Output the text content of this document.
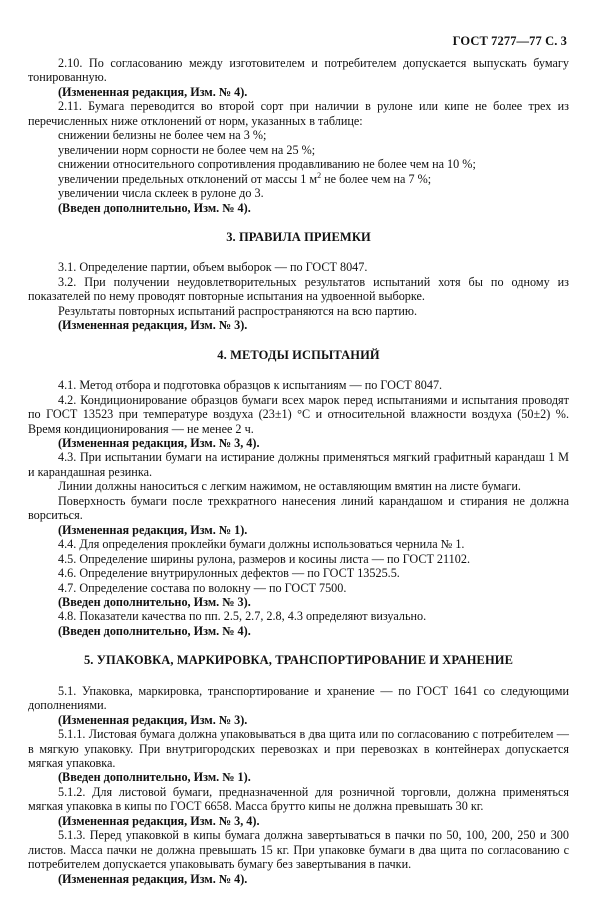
ГОСТ 7277—77 С. 3

2.10. По согласованию между изготовителем и потребителем допускается выпускать бумагу тонированную.

(Измененная редакция, Изм. № 4).

2.11. Бумага переводится во второй сорт при наличии в рулоне или кипе не более трех из перечисленных ниже отклонений от норм, указанных в таблице:

снижении белизны не более чем на 3 %;

увеличении норм сорности не более чем на 25 %;

снижении относительного сопротивления продавливанию не более чем на 10 %;

увеличении предельных отклонений от массы 1 $м^2$ не более чем на 7 %;

увеличении числа склеек в рулоне до 3.

(Введен дополнительно, Изм. № 4).

3. ПРАВИЛА ПРИЕМКИ

3.1. Определение партии, объем выборок — по ГОСТ 8047.

3.2. При получении неудовлетворительных результатов испытаний хотя бы по одному из показателей по нему проводят повторные испытания на удвоенной выборке.

Результаты повторных испытаний распространяются на всю партию.

(Измененная редакция, Изм. № 3).

4. МЕТОДЫ ИСПЫТАНИЙ

4.1. Метод отбора и подготовка образцов к испытаниям — по ГОСТ 8047.

4.2. Кондиционирование образцов бумаги всех марок перед испытаниями и испытания проводят по ГОСТ 13523 при температуре воздуха (23±1) °С и относительной влажности воздуха (50±2) %. Время кондиционирования — не менее 2 ч.

(Измененная редакция, Изм. № 3, 4).

4.3. При испытании бумаги на истирание должны применяться мягкий графитный карандаш 1 М и карандашная резинка.

Линии должны наноситься с легким нажимом, не оставляющим вмятин на листе бумаги.

Поверхность бумаги после трехкратного нанесения линий карандашом и стирания не должна ворситься.

(Измененная редакция, Изм. № 1).

4.4. Для определения проклейки бумаги должны использоваться чернила № 1.

4.5. Определение ширины рулона, размеров и косины листа — по ГОСТ 21102.

4.6. Определение внутрирулонных дефектов — по ГОСТ 13525.5.

4.7. Определение состава по волокну — по ГОСТ 7500.

(Введен дополнительно, Изм. № 3).

4.8. Показатели качества по пп. 2.5, 2.7, 2.8, 4.3 определяют визуально.

(Введен дополнительно, Изм. № 4).

5. УПАКОВКА, МАРКИРОВКА, ТРАНСПОРТИРОВАНИЕ И ХРАНЕНИЕ

5.1. Упаковка, маркировка, транспортирование и хранение — по ГОСТ 1641 со следующими дополнениями.

(Измененная редакция, Изм. № 3).

5.1.1. Листовая бумага должна упаковываться в два щита или по согласованию с потребителем — в мягкую упаковку. При внутригородских перевозках и при перевозках в контейнерах допускается мягкая упаковка.

(Введен дополнительно, Изм. № 1).

5.1.2. Для листовой бумаги, предназначенной для розничной торговли, должна применяться мягкая упаковка в кипы по ГОСТ 6658. Масса брутто кипы не должна превышать 30 кг.

(Измененная редакция, Изм. № 3, 4).

5.1.3. Перед упаковкой в кипы бумага должна завертываться в пачки по 50, 100, 200, 250 и 300 листов. Масса пачки не должна превышать 15 кг. При упаковке бумаги в два щита по согласованию с потребителем допускается упаковывать бумагу без завертывания в пачки.

(Измененная редакция, Изм. № 4).
